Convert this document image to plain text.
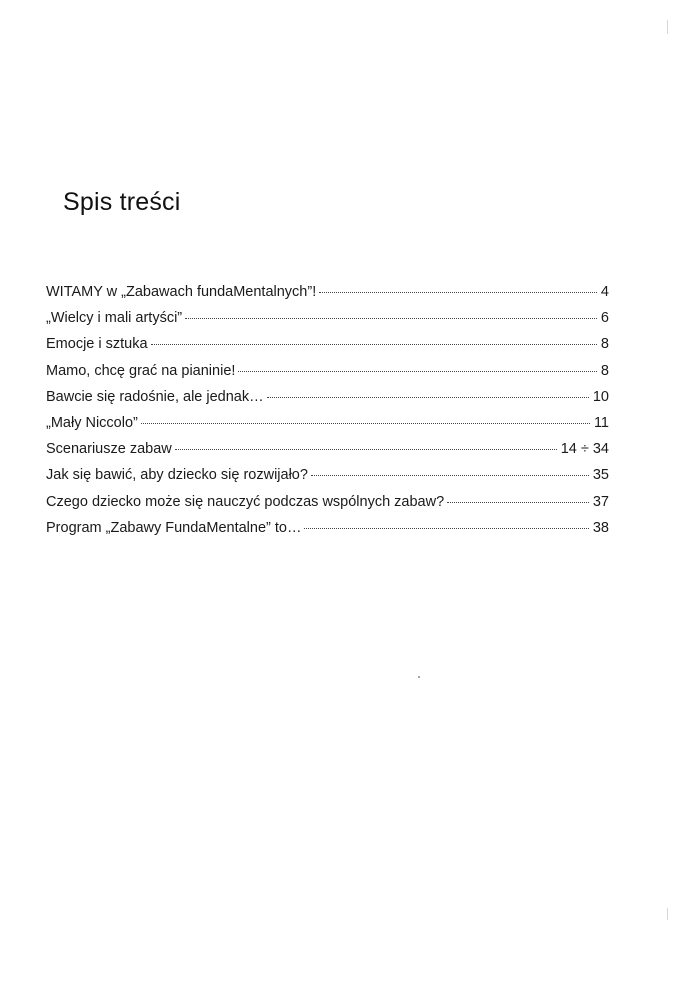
Spis treści
WITAMY w „Zabawach fundaMentalnych”!	4
„Wielcy i mali artyści”	6
Emocje i sztuka	8
Mamo, chcę grać na pianinie!	8
Bawcie się radośnie, ale jednak…	10
„Mały Niccolo”	11
Scenariusze zabaw	14 ÷ 34
Jak się bawić, aby dziecko się rozwijało?	35
Czego dziecko może się nauczyć podczas wspólnych zabaw?	37
Program „Zabawy FundaMentalne” to…	38
